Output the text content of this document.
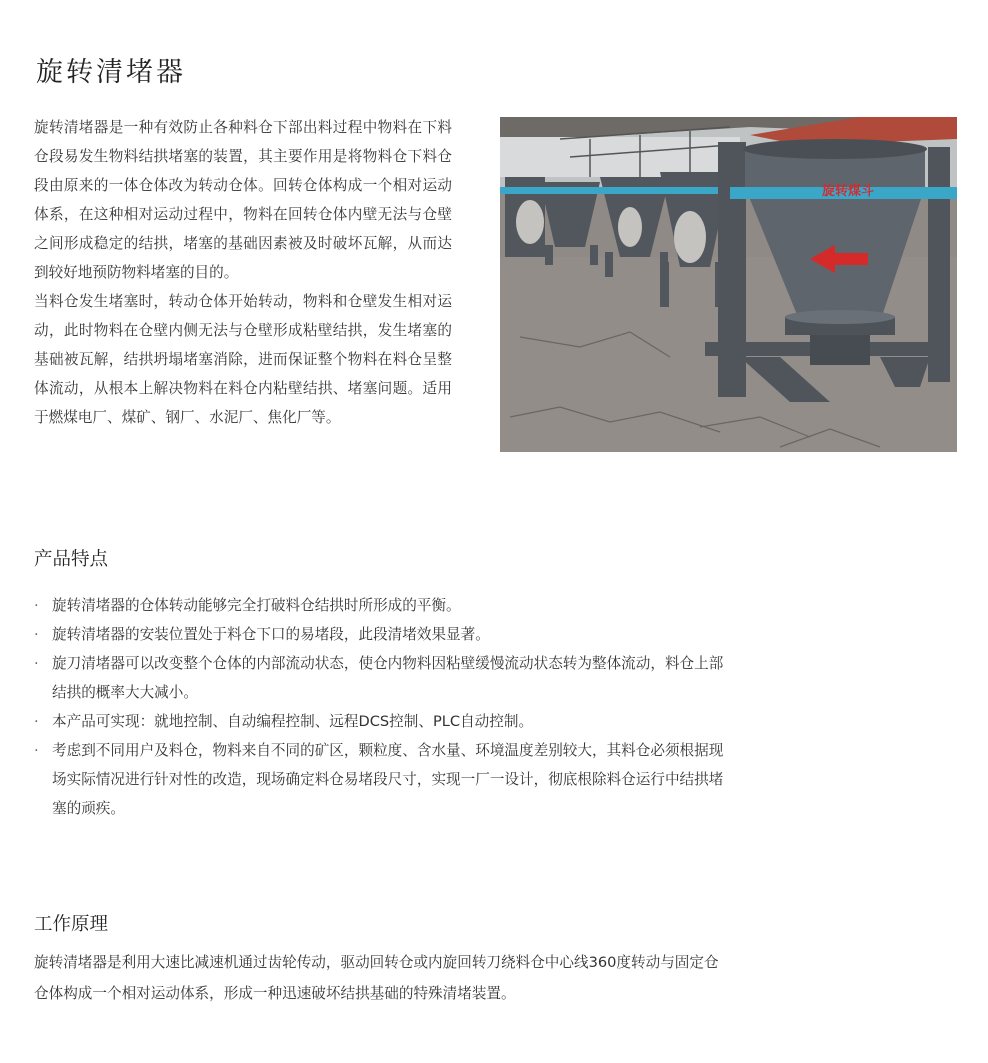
旋转清堵器

旋转清堵器是一种有效防止各种料仓下部出料过程中物料在下料仓段易发生物料结拱堵塞的装置，其主要作用是将物料仓下料仓段由原来的一体仓体改为转动仓体。回转仓体构成一个相对运动体系，在这种相对运动过程中，物料在回转仓体内壁无法与仓壁之间形成稳定的结拱，堵塞的基础因素被及时破坏瓦解，从而达到较好地预防物料堵塞的目的。

当料仓发生堵塞时，转动仓体开始转动，物料和仓壁发生相对运动，此时物料在仓壁内侧无法与仓壁形成粘壁结拱，发生堵塞的基础被瓦解，结拱坍塌堵塞消除，进而保证整个物料在料仓呈整体流动，从根本上解决物料在料仓内粘壁结拱、堵塞问题。适用于燃煤电厂、煤矿、钢厂、水泥厂、焦化厂等。

旋转煤斗
产品特点
· 旋转清堵器的仓体转动能够完全打破料仓结拱时所形成的平衡。
· 旋转清堵器的安装位置处于料仓下口的易堵段，此段清堵效果显著。
· 旋刀清堵器可以改变整个仓体的内部流动状态，使仓内物料因粘壁缓慢流动状态转为整体流动，料仓上部结拱的概率大大减小。
· 本产品可实现：就地控制、自动编程控制、远程DCS控制、PLC自动控制。
· 考虑到不同用户及料仓，物料来自不同的矿区，颗粒度、含水量、环境温度差别较大，其料仓必须根据现场实际情况进行针对性的改造，现场确定料仓易堵段尺寸，实现一厂一设计，彻底根除料仓运行中结拱堵塞的顽疾。
工作原理

旋转清堵器是利用大速比减速机通过齿轮传动，驱动回转仓或内旋回转刀绕料仓中心线360度转动与固定仓仓体构成一个相对运动体系，形成一种迅速破坏结拱基础的特殊清堵装置。
